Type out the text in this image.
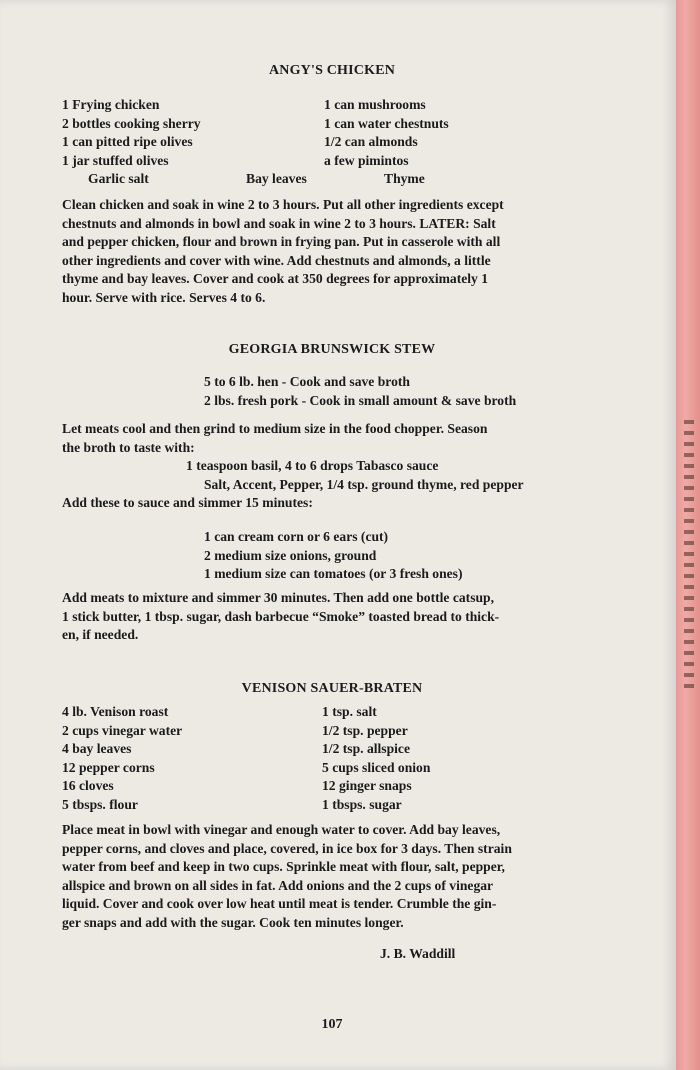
ANGY'S CHICKEN
1 Frying chicken	1 can mushrooms
2 bottles cooking sherry	1 can water chestnuts
1 can pitted ripe olives	1/2 can almonds
1 jar stuffed olives	a few pimintos
Garlic salt	Bay leaves	Thyme
Clean chicken and soak in wine 2 to 3 hours. Put all other ingredients except
chestnuts and almonds in bowl and soak in wine 2 to 3 hours. LATER: Salt
and pepper chicken, flour and brown in frying pan. Put in casserole with all
other ingredients and cover with wine. Add chestnuts and almonds, a little
thyme and bay leaves. Cover and cook at 350 degrees for approximately 1
hour. Serve with rice. Serves 4 to 6.
GEORGIA BRUNSWICK STEW
5 to 6 lb. hen - Cook and save broth
2 lbs. fresh pork - Cook in small amount & save broth
Let meats cool and then grind to medium size in the food chopper. Season
the broth to taste with:
1 teaspoon basil, 4 to 6 drops Tabasco sauce
Salt, Accent, Pepper, 1/4 tsp. ground thyme, red pepper
Add these to sauce and simmer 15 minutes:
1 can cream corn or 6 ears (cut)
2 medium size onions, ground
1 medium size can tomatoes (or 3 fresh ones)
Add meats to mixture and simmer 30 minutes. Then add one bottle catsup,
1 stick butter, 1 tbsp. sugar, dash barbecue “Smoke” toasted bread to thick-
en, if needed.
VENISON SAUER-BRATEN
4 lb. Venison roast	1 tsp. salt
2 cups vinegar water	1/2 tsp. pepper
4 bay leaves	1/2 tsp. allspice
12 pepper corns	5 cups sliced onion
16 cloves	12 ginger snaps
5 tbsps. flour	1 tbsps. sugar
Place meat in bowl with vinegar and enough water to cover. Add bay leaves,
pepper corns, and cloves and place, covered, in ice box for 3 days. Then strain
water from beef and keep in two cups. Sprinkle meat with flour, salt, pepper,
allspice and brown on all sides in fat. Add onions and the 2 cups of vinegar
liquid. Cover and cook over low heat until meat is tender. Crumble the gin-
ger snaps and add with the sugar. Cook ten minutes longer.
J. B. Waddill
107
